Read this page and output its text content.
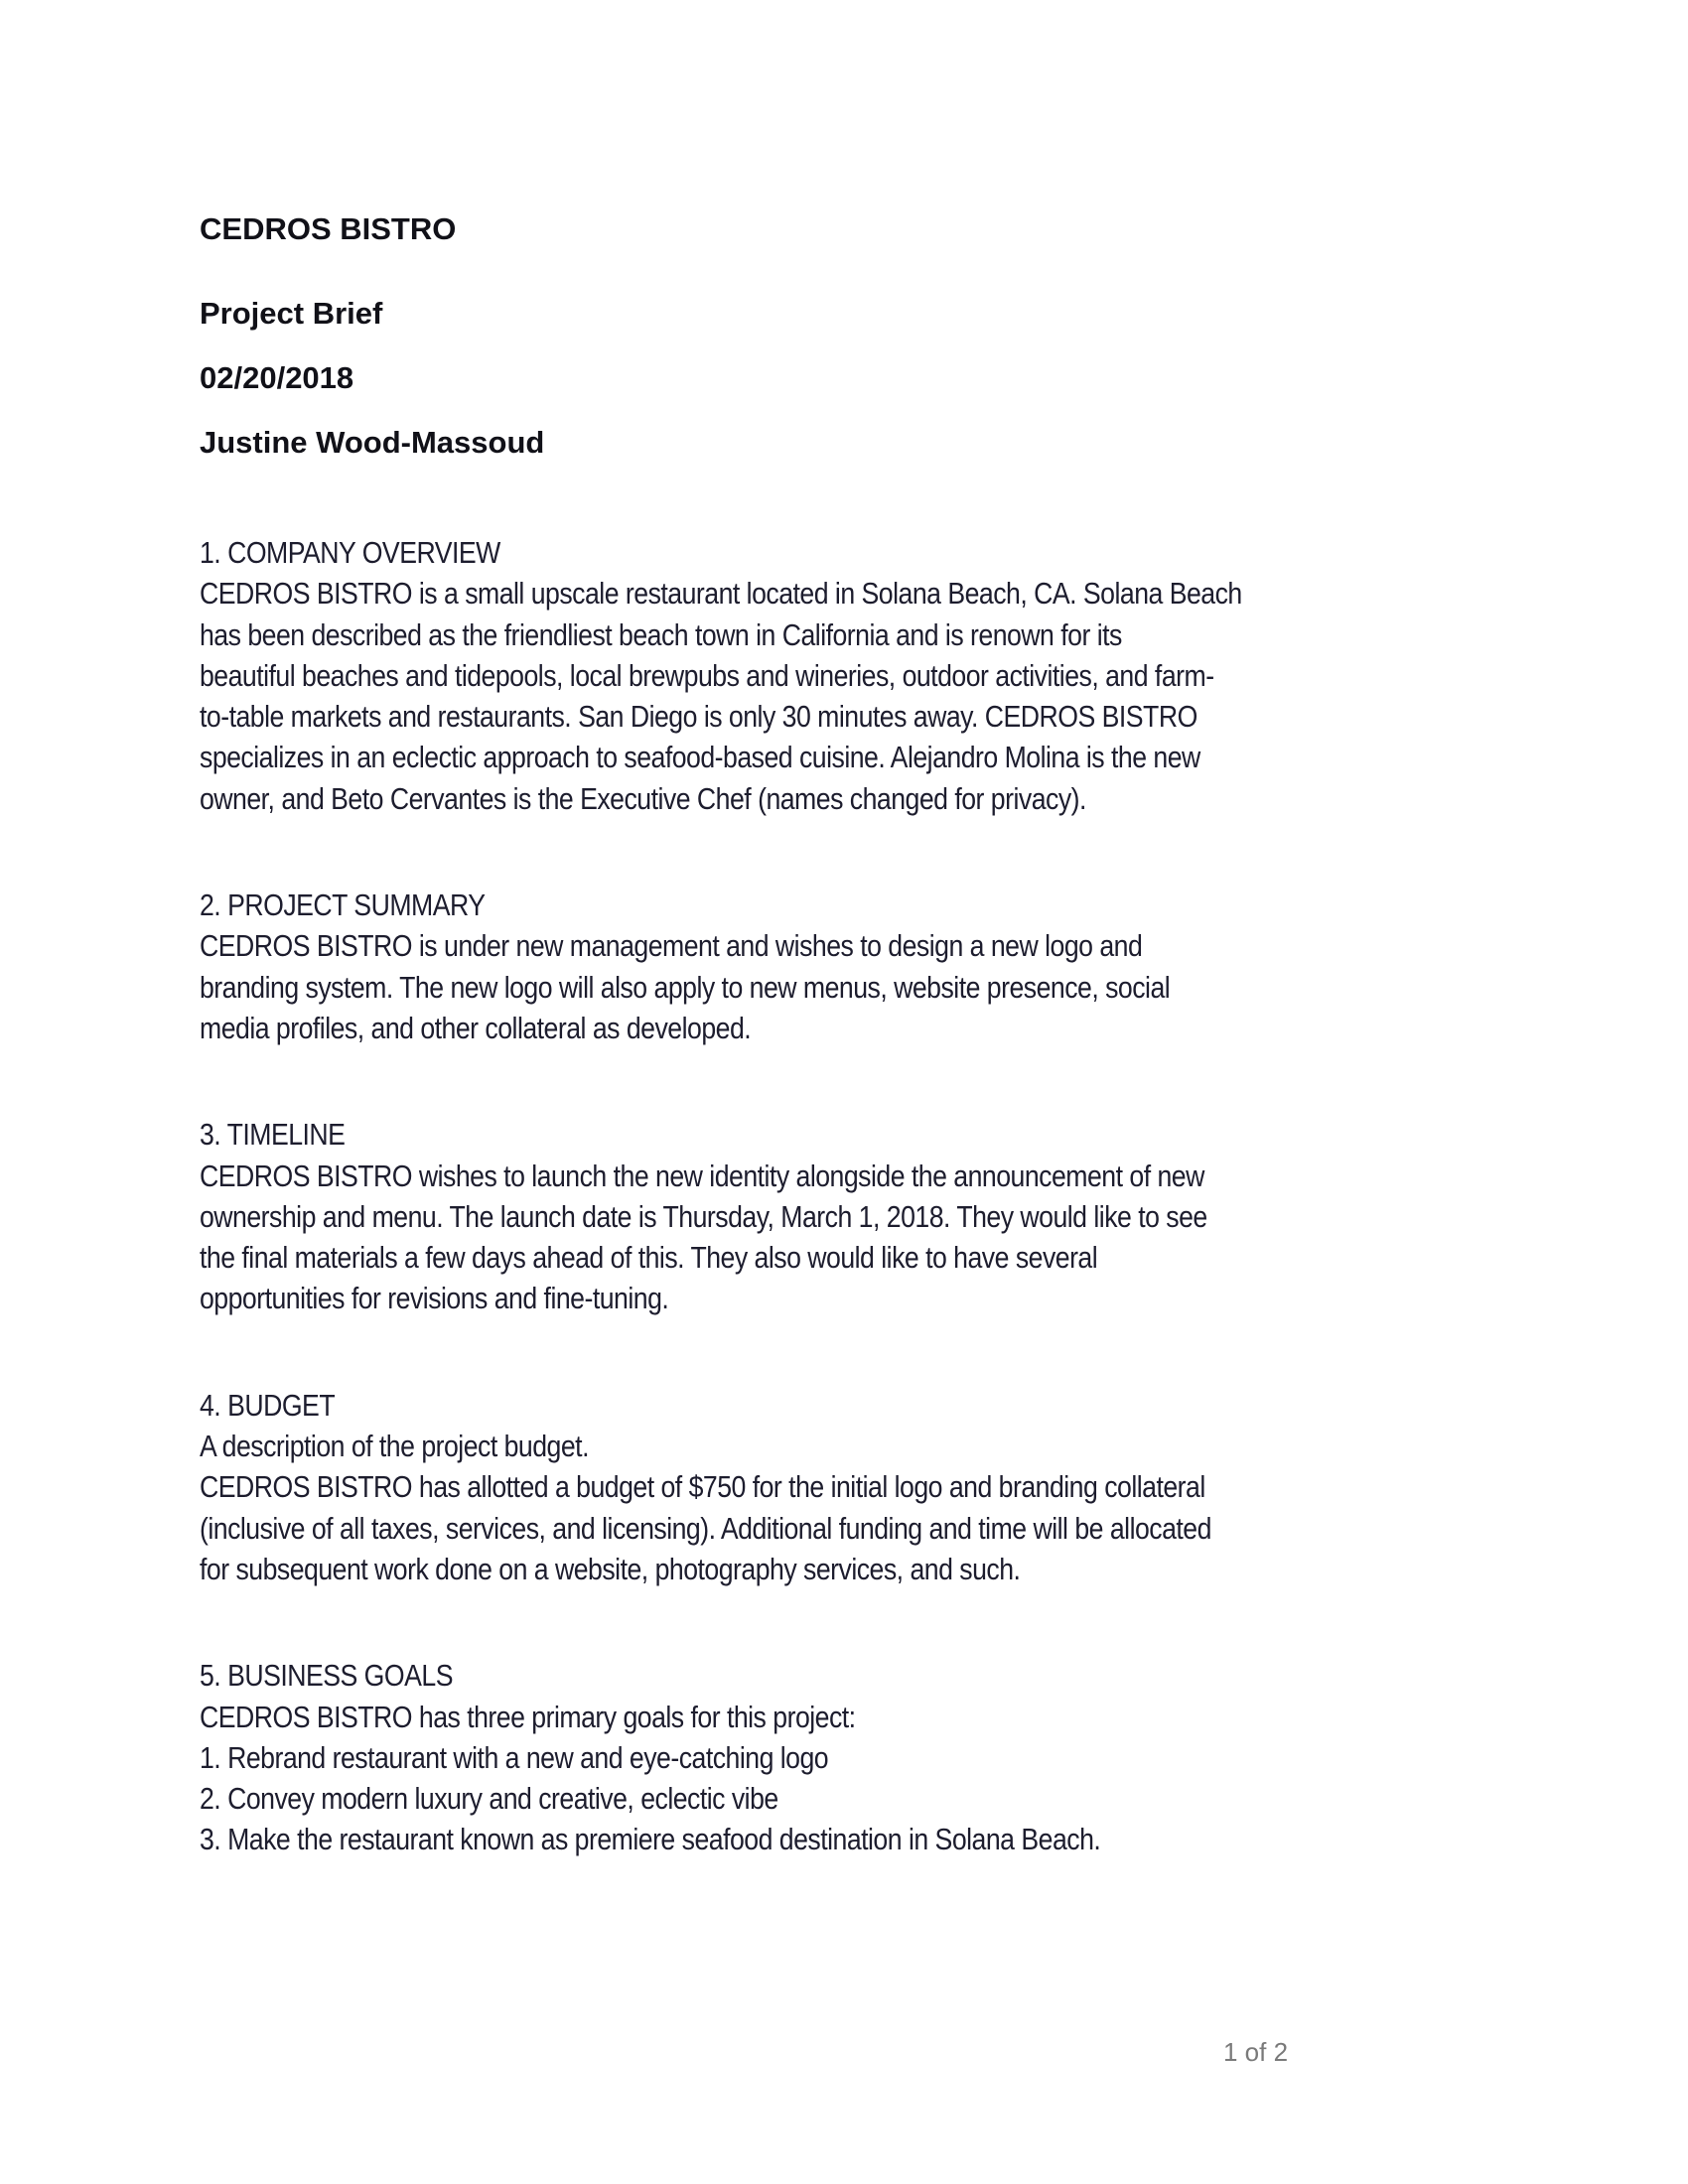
CEDROS BISTRO

Project Brief

02/20/2018

Justine Wood-Massoud

1. COMPANY OVERVIEW

CEDROS BISTRO is a small upscale restaurant located in Solana Beach, CA. Solana Beach

has been described as the friendliest beach town in California and is renown for its

beautiful beaches and tidepools, local brewpubs and wineries, outdoor activities, and farm-

to-table markets and restaurants. San Diego is only 30 minutes away. CEDROS BISTRO

specializes in an eclectic approach to seafood-based cuisine. Alejandro Molina is the new

owner, and Beto Cervantes is the Executive Chef (names changed for privacy).

2. PROJECT SUMMARY

CEDROS BISTRO is under new management and wishes to design a new logo and

branding system. The new logo will also apply to new menus, website presence, social

media profiles, and other collateral as developed.

3. TIMELINE

CEDROS BISTRO wishes to launch the new identity alongside the announcement of new

ownership and menu. The launch date is Thursday, March 1, 2018. They would like to see

the final materials a few days ahead of this. They also would like to have several

opportunities for revisions and fine-tuning.

4. BUDGET

A description of the project budget.

CEDROS BISTRO has allotted a budget of $750 for the initial logo and branding collateral

(inclusive of all taxes, services, and licensing). Additional funding and time will be allocated

for subsequent work done on a website, photography services, and such.

5. BUSINESS GOALS

CEDROS BISTRO has three primary goals for this project:

1. Rebrand restaurant with a new and eye-catching logo

2. Convey modern luxury and creative, eclectic vibe

3. Make the restaurant known as premiere seafood destination in Solana Beach.

1 of 2
